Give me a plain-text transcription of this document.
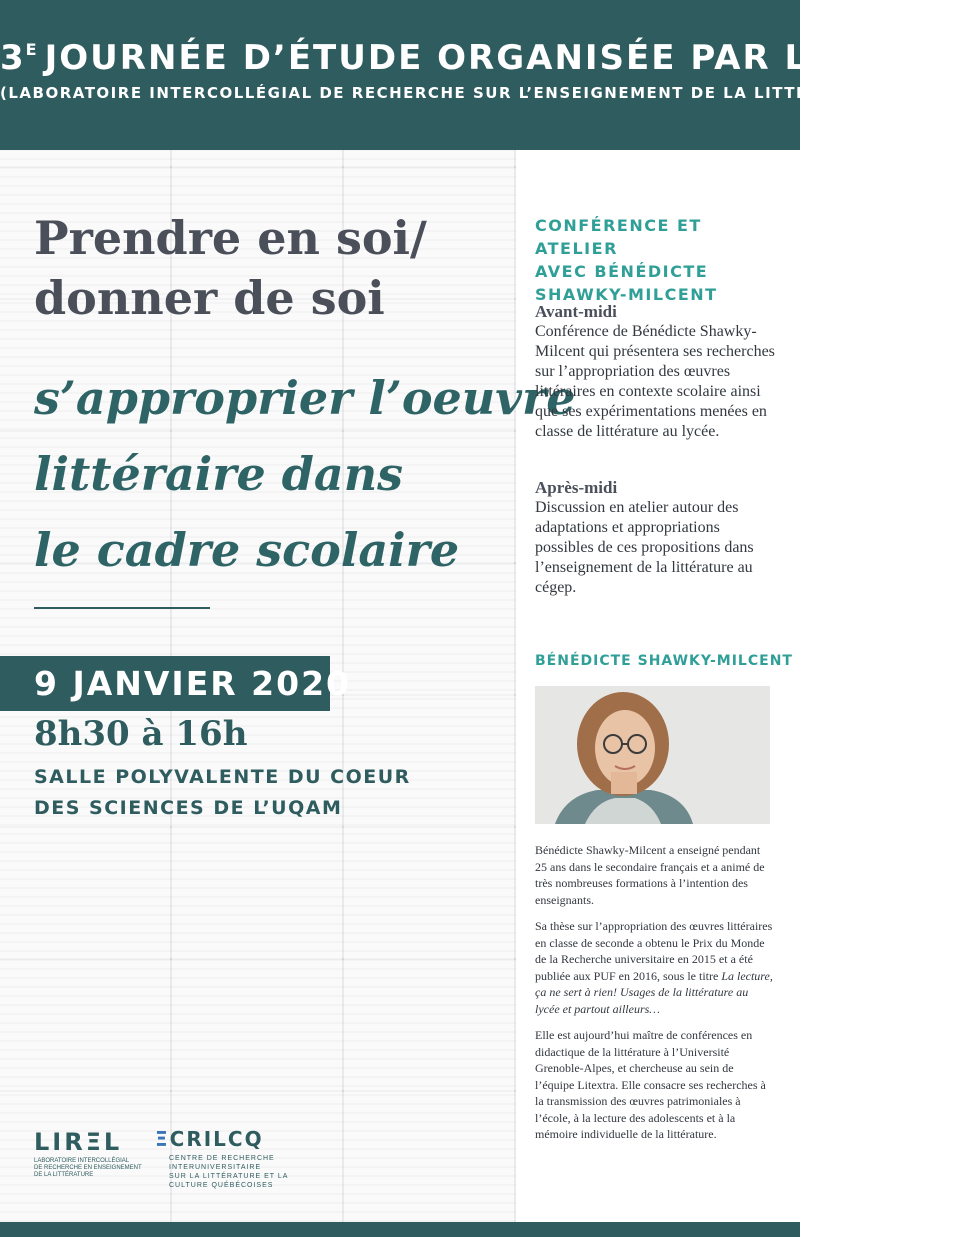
$3^E$ JOURNÉE D’ÉTUDE ORGANISÉE PAR LE LIREL
(LABORATOIRE INTERCOLLÉGIAL DE RECHERCHE SUR L’ENSEIGNEMENT DE LA LITTÉRATUREL)
Prendre en soi/
donner de soi
s’approprier l’oeuvre
littéraire dans
le cadre scolaire
9 JANVIER 2020
8h30 à 16h
SALLE POLYVALENTE DU COEUR
DES SCIENCES DE L’UQAM
LIRΞL
LABORATOIRE INTERCOLLÉGIAL
DE RECHERCHE EN ENSEIGNEMENT
DE LA LITTÉRATURE
ΞCRILCQ
CENTRE DE RECHERCHE
INTERUNIVERSITAIRE
SUR LA LITTÉRATURE ET LA
CULTURE QUÉBÉCOISES
CONFÉRENCE ET ATELIER
AVEC BÉNÉDICTE
SHAWKY-MILCENT
Avant-midi
Conférence de Bénédicte Shawky-Milcent qui présentera ses recherches sur l’appropriation des œuvres littéraires en contexte scolaire ainsi que ses expérimentations menées en classe de littérature au lycée.
Après-midi
Discussion en atelier autour des adaptations et appropriations possibles de ces propositions dans l’enseignement de la littérature au cégep.
BÉNÉDICTE SHAWKY-MILCENT

Bénédicte Shawky-Milcent a enseigné pendant 25 ans dans le secondaire français et a animé de très nombreuses formations à l’intention des enseignants.

Sa thèse sur l’appropriation des œuvres littéraires en classe de seconde a obtenu le Prix du Monde de la Recherche universitaire en 2015 et a été publiée aux PUF en 2016, sous le titre La lecture, ça ne sert à rien! Usages de la littérature au lycée et partout ailleurs…

Elle est aujourd’hui maître de conférences en didactique de la littérature à l’Université Grenoble-Alpes, et chercheuse au sein de l’équipe Litextra. Elle consacre ses recherches à la transmission des œuvres patrimoniales à l’école, à la lecture des adolescents et à la mémoire individuelle de la littérature.
